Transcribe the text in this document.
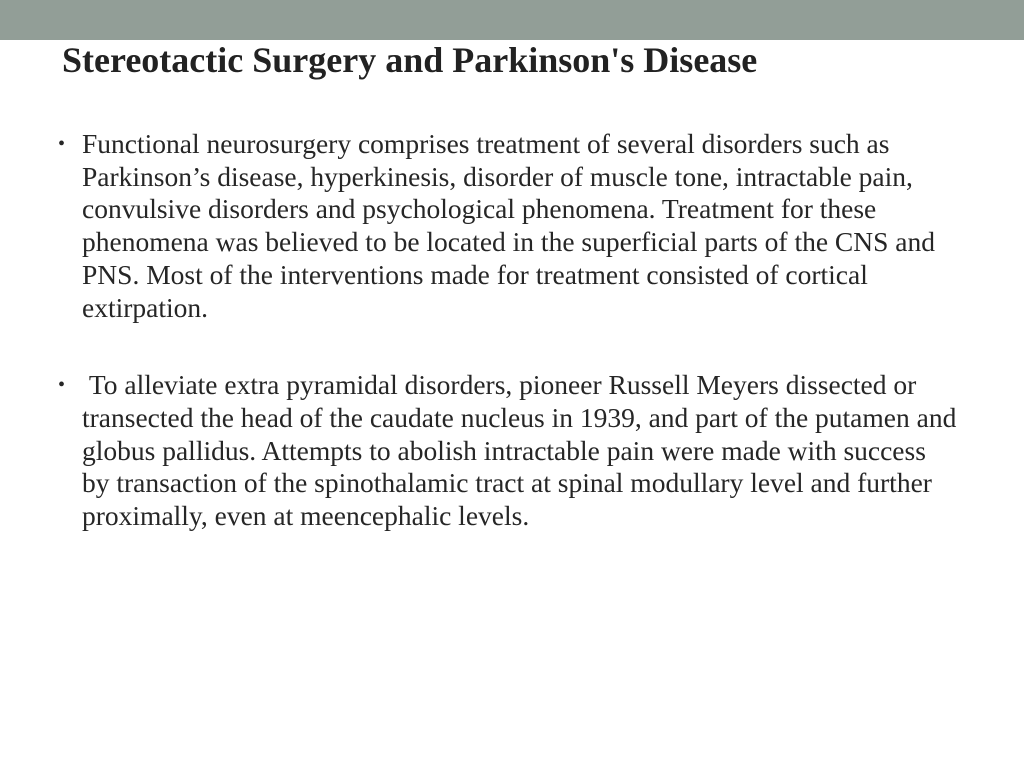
Stereotactic Surgery and Parkinson's Disease
• Functional neurosurgery comprises treatment of several disorders such as Parkinson’s disease, hyperkinesis, disorder of muscle tone, intractable pain, convulsive disorders and psychological phenomena. Treatment for these phenomena was believed to be located in the superficial parts of the CNS and PNS. Most of the interventions made for treatment consisted of cortical extirpation.
• To alleviate extra pyramidal disorders, pioneer Russell Meyers dissected or transected the head of the caudate nucleus in 1939, and part of the putamen and globus pallidus. Attempts to abolish intractable pain were made with success by transaction of the spinothalamic tract at spinal modullary level and further proximally, even at meencephalic levels.
